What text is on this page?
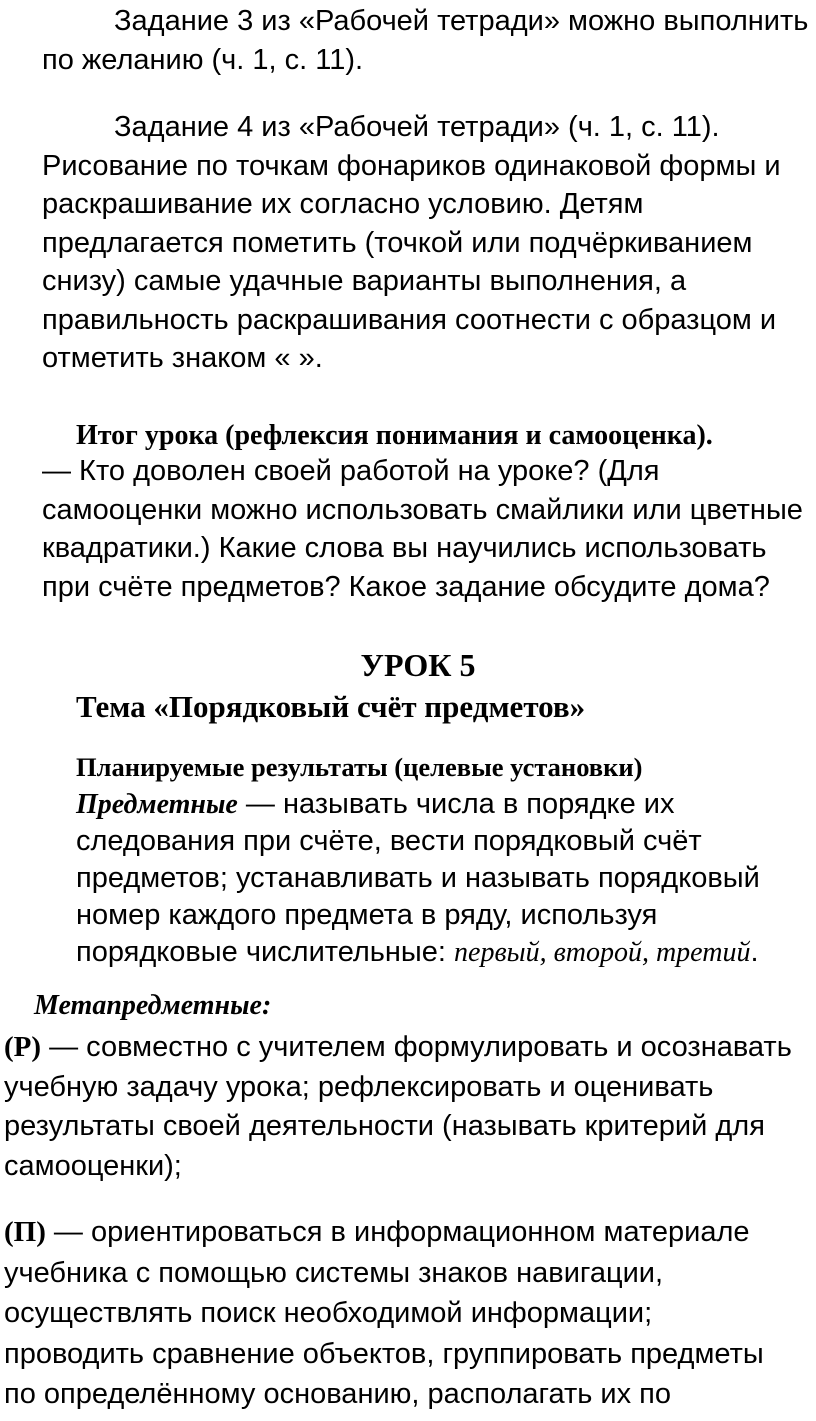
Задание 3 из «Рабочей тетради» можно выполнить по желанию (ч. 1, с. 11).

Задание 4 из «Рабочей тетради» (ч. 1, с. 11). Рисование по точкам фонариков одинаковой формы и раскрашивание их согласно условию. Детям предлагается пометить (точкой или подчёркиванием снизу) самые удачные варианты выполнения, а правильность раскрашивания соотнести с образцом и отметить знаком « ».

Итог урока (рефлексия понимания и самооценка).

— Кто доволен своей работой на уроке? (Для самооценки можно использовать смайлики или цветные квадратики.) Какие слова вы научились использовать при счёте предметов? Какое задание обсудите дома?

УРОК 5
Тема «Порядковый счёт предметов»

Планируемые результаты (целевые установки)

Предметные — называть числа в порядке их следования при счёте, вести порядковый счёт предметов; устанавливать и называть порядковый номер каждого предмета в ряду, используя порядковые числительные: первый, второй, третий.

Метапредметные:

(Р) — совместно с учителем формулировать и осознавать учебную задачу урока; рефлексировать и оценивать результаты своей деятельности (называть критерий для самооценки);

(П) — ориентироваться в информационном материале учебника с помощью системы знаков навигации, осуществлять поиск необходимой информации; проводить сравнение объектов, группировать предметы по определённому основанию, располагать их по
